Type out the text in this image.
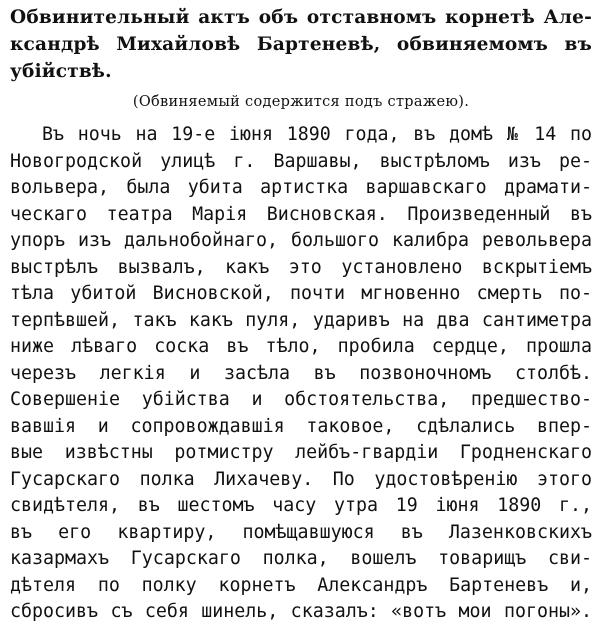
Обвинительный актъ объ отставномъ корнетѣ Але-
ксандрѣ Михайловѣ Бартеневѣ, обвиняемомъ въ
убійствѣ.

(Обвиняемый содержится подъ стражею).

Въ ночь на 19-е іюня 1890 года, въ домѣ № 14 по
Новогродской улицѣ г. Варшавы, выстрѣломъ изъ ре-
вольвера, была убита артистка варшавскаго драмати-
ческаго театра Марія Висновская. Произведенный въ
упоръ изъ дальнобойнаго, большого калибра револьвера
выстрѣлъ вызвалъ, какъ это установлено вскрытіемъ
тѣла убитой Висновской, почти мгновенно смерть по-
терпѣвшей, такъ какъ пуля, ударивъ на два сантиметра
ниже лѣваго соска въ тѣло, пробила сердце, прошла
черезъ легкія и засѣла въ позвоночномъ столбѣ.
Совершеніе убійства и обстоятельства, предшество-
вавшія и сопровождавшія таковое, сдѣлались впер-
вые извѣстны ротмистру лейбъ-гвардіи Гродненскаго
Гусарскаго полка Лихачеву. По удостовѣренію этого
свидѣтеля, въ шестомъ часу утра 19 іюня 1890 г.,
въ его квартиру, помѣщавшуюся въ Лазенковскихъ
казармахъ Гусарскаго полка, вошелъ товарищъ сви-
дѣтеля по полку корнетъ Александръ Бартеневъ и,
сбросивъ съ себя шинель, сказалъ: «вотъ мои погоны».
